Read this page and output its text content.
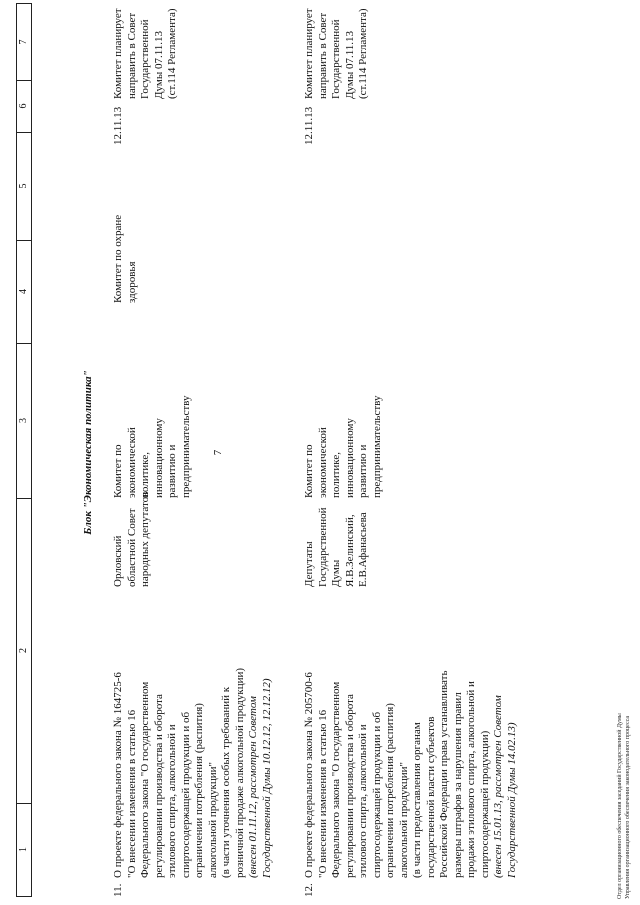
7
1
2
3
4
5
6
7
Блок "Экономическая политика"
11.
О проекте федерального закона № 164725-6 "О внесении изменения в статью 16 Федерального закона "О государственном регулировании производства и оборота этилового спирта, алкогольной и спиртосодержащей продукции и об ограничении потребления (распития) алкогольной продукции" (в части уточнения особых требований к розничной продаже алкогольной продукции) (внесен 01.11.12, рассмотрен Советом Государственной Думы 10.12.12, 12.12.12)
Орловский областной Совет народных депутатов
Комитет по экономической политике, инновационному развитию и предпринимательству
Комитет по охране здоровья
12.11.13
Комитет планирует направить в Совет Государственной Думы 07.11.13 (ст.114 Регламента)
12.
О проекте федерального закона № 205700-6 "О внесении изменения в статью 16 Федерального закона "О государственном регулировании производства и оборота этилового спирта, алкогольной и спиртосодержащей продукции и об ограничении потребления (распития) алкогольной продукции" (в части предоставления органам государственной власти субъектов Российской Федерации права устанавливать размеры штрафов за нарушения правил продажи этилового спирта, алкогольной и спиртосодержащей продукции) (внесен 15.01.13, рассмотрен Советом Государственной Думы 14.02.13)
Депутаты Государственной Думы Я.В.Зелинский, Е.В.Афанасьева
Комитет по экономической политике, инновационному развитию и предпринимательству
12.11.13
Комитет планирует направить в Совет Государственной Думы 07.11.13 (ст.114 Регламента)
Отдел организационного обеспечения заседаний Государственной Думы Управления организационного обеспечения законодательного процесса
